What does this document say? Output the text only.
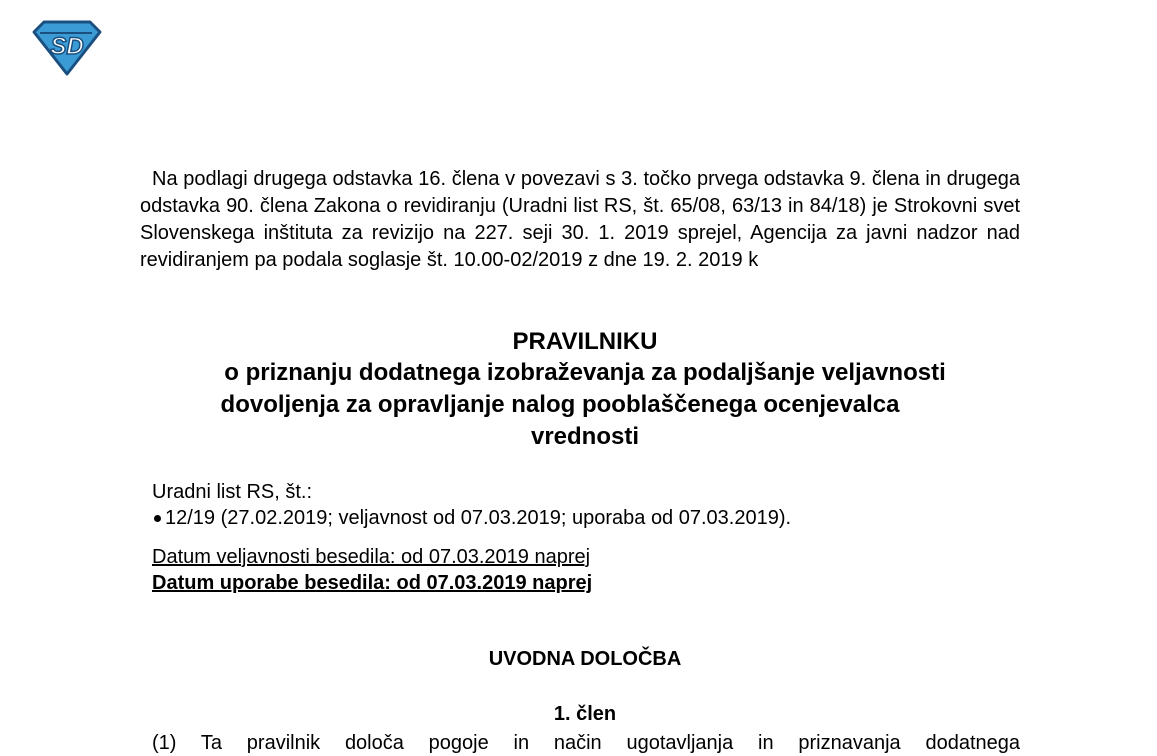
SD

Na podlagi drugega odstavka 16. člena v povezavi s 3. točko prvega odstavka 9. člena in drugega odstavka 90. člena Zakona o revidiranju (Uradni list RS, št. 65/08, 63/13 in 84/18) je Strokovni svet Slovenskega inštituta za revizijo na 227. seji 30. 1. 2019 sprejel, Agencija za javni nadzor nad revidiranjem pa podala soglasje št. 10.00-02/2019 z dne 19. 2. 2019 k

PRAVILNIKU

o priznanju dodatnega izobraževanja za podaljšanje veljavnosti

dovoljenja za opravljanje nalog pooblaščenega ocenjevalca

vrednosti

Uradni list RS, št.:
12/19 (27.02.2019; veljavnost od 07.03.2019; uporaba od 07.03.2019).
Datum veljavnosti besedila: od 07.03.2019 naprej
Datum uporabe besedila: od 07.03.2019 naprej
UVODNA DOLOČBA
1. člen
(1) Ta pravilnik določa pogoje in način ugotavljanja in priznavanja dodatnega
